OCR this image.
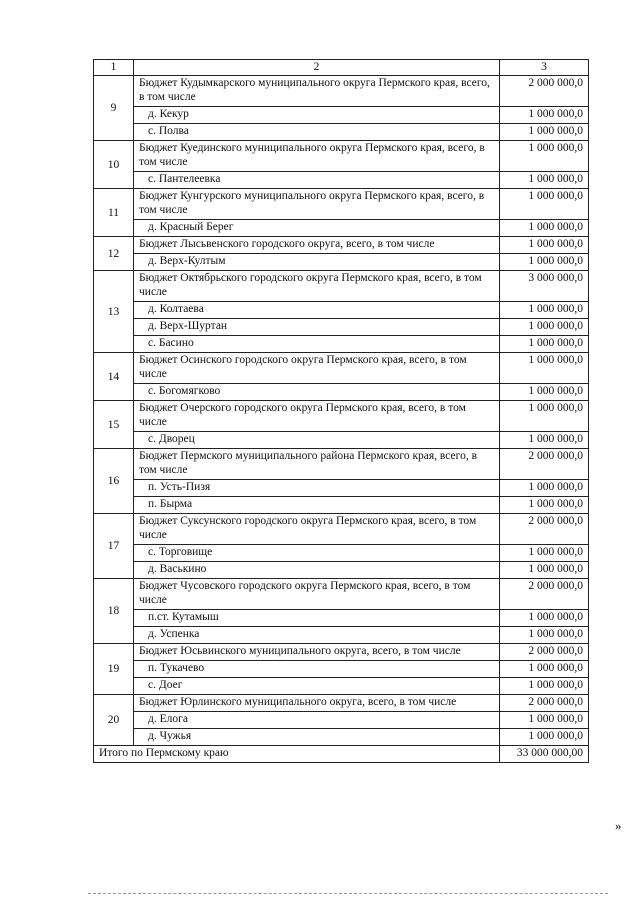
1	2	3
9	Бюджет Кудымкарского муниципального округа Пермского края, всего, в том числе	2 000 000,0
	д. Кекур	1 000 000,0
	с. Полва	1 000 000,0
10	Бюджет Куединского муниципального округа Пермского края, всего, в том числе	1 000 000,0
	с. Пантелеевка	1 000 000,0
11	Бюджет Кунгурского муниципального округа Пермского края, всего, в том числе	1 000 000,0
	д. Красный Берег	1 000 000,0
12	Бюджет Лысьвенского городского округа, всего, в том числе	1 000 000,0
	д. Верх-Култым	1 000 000,0
13	Бюджет Октябрьского городского округа Пермского края, всего, в том числе	3 000 000,0
	д. Колтаева	1 000 000,0
	д. Верх-Шуртан	1 000 000,0
	с. Басино	1 000 000,0
14	Бюджет Осинского городского округа Пермского края, всего, в том числе	1 000 000,0
	с. Богомягково	1 000 000,0
15	Бюджет Очерского городского округа Пермского края, всего, в том числе	1 000 000,0
	с. Дворец	1 000 000,0
16	Бюджет Пермского муниципального района Пермского края, всего, в том числе	2 000 000,0
	п. Усть-Пизя	1 000 000,0
	п. Бырма	1 000 000,0
17	Бюджет Суксунского городского округа Пермского края, всего, в том числе	2 000 000,0
	с. Торговище	1 000 000,0
	д. Васькино	1 000 000,0
18	Бюджет Чусовского городского округа Пермского края, всего, в том числе	2 000 000,0
	п.ст. Кутамыш	1 000 000,0
	д. Успенка	1 000 000,0
19	Бюджет Юсьвинского муниципального округа, всего, в том числе	2 000 000,0
	п. Тукачево	1 000 000,0
	с. Доег	1 000 000,0
20	Бюджет Юрлинского муниципального округа, всего, в том числе	2 000 000,0
	д. Елога	1 000 000,0
	д. Чужья	1 000 000,0
Итого по Пермскому краю		33 000 000,00
»
